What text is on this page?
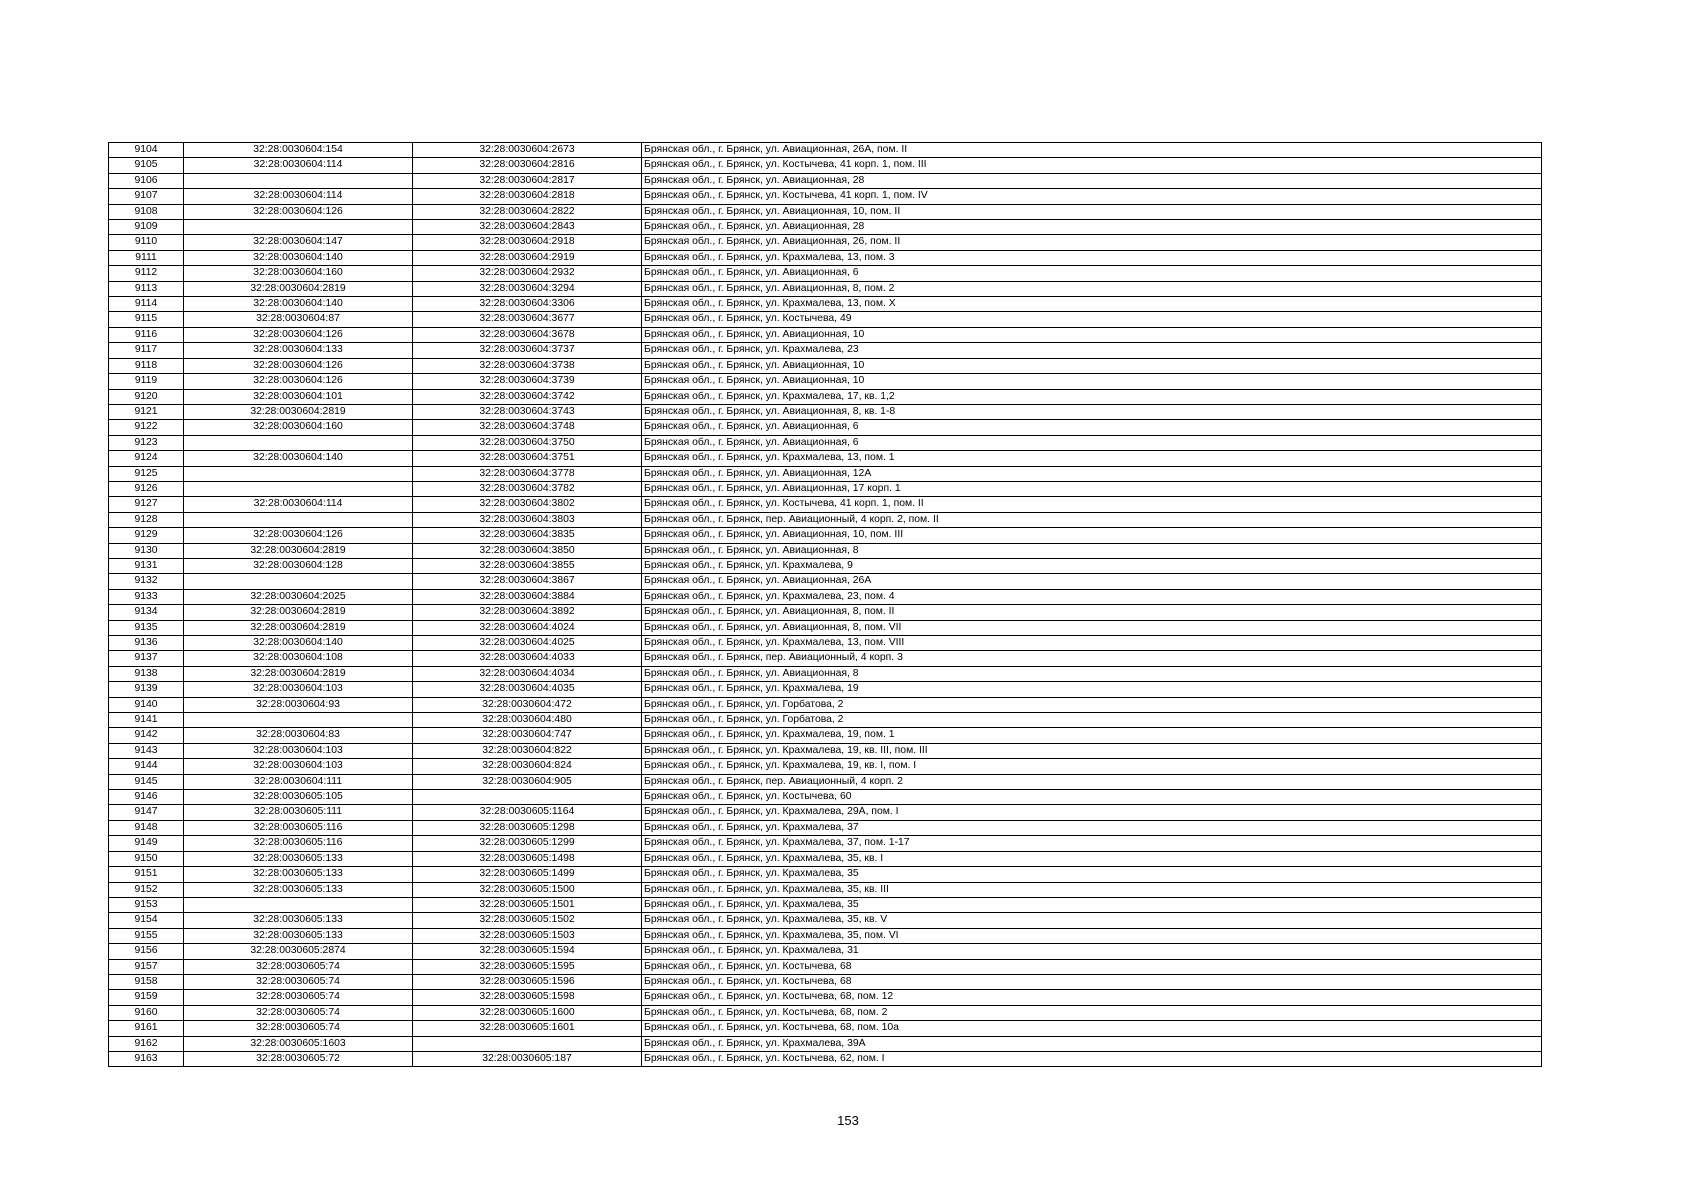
9104	32:28:0030604:154	32:28:0030604:2673	Брянская обл., г. Брянск, ул. Авиационная, 26А, пом. II
9105	32:28:0030604:114	32:28:0030604:2816	Брянская обл., г. Брянск, ул. Костычева, 41 корп. 1, пом. III
9106		32:28:0030604:2817	Брянская обл., г. Брянск, ул. Авиационная, 28
9107	32:28:0030604:114	32:28:0030604:2818	Брянская обл., г. Брянск, ул. Костычева, 41 корп. 1, пом. IV
9108	32:28:0030604:126	32:28:0030604:2822	Брянская обл., г. Брянск, ул. Авиационная, 10, пом. II
9109		32:28:0030604:2843	Брянская обл., г. Брянск, ул. Авиационная, 28
9110	32:28:0030604:147	32:28:0030604:2918	Брянская обл., г. Брянск, ул. Авиационная, 26, пом. II
9111	32:28:0030604:140	32:28:0030604:2919	Брянская обл., г. Брянск, ул. Крахмалева, 13, пом. 3
9112	32:28:0030604:160	32:28:0030604:2932	Брянская обл., г. Брянск, ул. Авиационная, 6
9113	32:28:0030604:2819	32:28:0030604:3294	Брянская обл., г. Брянск, ул. Авиационная, 8, пом. 2
9114	32:28:0030604:140	32:28:0030604:3306	Брянская обл., г. Брянск, ул. Крахмалева, 13, пом. X
9115	32:28:0030604:87	32:28:0030604:3677	Брянская обл., г. Брянск, ул. Костычева, 49
9116	32:28:0030604:126	32:28:0030604:3678	Брянская обл., г. Брянск, ул. Авиационная, 10
9117	32:28:0030604:133	32:28:0030604:3737	Брянская обл., г. Брянск, ул. Крахмалева, 23
9118	32:28:0030604:126	32:28:0030604:3738	Брянская обл., г. Брянск, ул. Авиационная, 10
9119	32:28:0030604:126	32:28:0030604:3739	Брянская обл., г. Брянск, ул. Авиационная, 10
9120	32:28:0030604:101	32:28:0030604:3742	Брянская обл., г. Брянск, ул. Крахмалева, 17, кв. 1,2
9121	32:28:0030604:2819	32:28:0030604:3743	Брянская обл., г. Брянск, ул. Авиационная, 8, кв. 1-8
9122	32:28:0030604:160	32:28:0030604:3748	Брянская обл., г. Брянск, ул. Авиационная, 6
9123		32:28:0030604:3750	Брянская обл., г. Брянск, ул. Авиационная, 6
9124	32:28:0030604:140	32:28:0030604:3751	Брянская обл., г. Брянск, ул. Крахмалева, 13, пом. 1
9125		32:28:0030604:3778	Брянская обл., г. Брянск, ул. Авиационная, 12А
9126		32:28:0030604:3782	Брянская обл., г. Брянск, ул. Авиационная, 17 корп. 1
9127	32:28:0030604:114	32:28:0030604:3802	Брянская обл., г. Брянск, ул. Костычева, 41 корп. 1, пом. II
9128		32:28:0030604:3803	Брянская обл., г. Брянск, пер. Авиационный, 4 корп. 2, пом. II
9129	32:28:0030604:126	32:28:0030604:3835	Брянская обл., г. Брянск, ул. Авиационная, 10, пом. III
9130	32:28:0030604:2819	32:28:0030604:3850	Брянская обл., г. Брянск, ул. Авиационная, 8
9131	32:28:0030604:128	32:28:0030604:3855	Брянская обл., г. Брянск, ул. Крахмалева, 9
9132		32:28:0030604:3867	Брянская обл., г. Брянск, ул. Авиационная, 26А
9133	32:28:0030604:2025	32:28:0030604:3884	Брянская обл., г. Брянск, ул. Крахмалева, 23, пом. 4
9134	32:28:0030604:2819	32:28:0030604:3892	Брянская обл., г. Брянск, ул. Авиационная, 8, пом. II
9135	32:28:0030604:2819	32:28:0030604:4024	Брянская обл., г. Брянск, ул. Авиационная, 8, пом. VII
9136	32:28:0030604:140	32:28:0030604:4025	Брянская обл., г. Брянск, ул. Крахмалева, 13, пом. VIII
9137	32:28:0030604:108	32:28:0030604:4033	Брянская обл., г. Брянск, пер. Авиационный, 4 корп. 3
9138	32:28:0030604:2819	32:28:0030604:4034	Брянская обл., г. Брянск, ул. Авиационная, 8
9139	32:28:0030604:103	32:28:0030604:4035	Брянская обл., г. Брянск, ул. Крахмалева, 19
9140	32:28:0030604:93	32:28:0030604:472	Брянская обл., г. Брянск, ул. Горбатова, 2
9141		32:28:0030604:480	Брянская обл., г. Брянск, ул. Горбатова, 2
9142	32:28:0030604:83	32:28:0030604:747	Брянская обл., г. Брянск, ул. Крахмалева, 19, пом. 1
9143	32:28:0030604:103	32:28:0030604:822	Брянская обл., г. Брянск, ул. Крахмалева, 19, кв. III, пом. III
9144	32:28:0030604:103	32:28:0030604:824	Брянская обл., г. Брянск, ул. Крахмалева, 19, кв. I, пом. I
9145	32:28:0030604:111	32:28:0030604:905	Брянская обл., г. Брянск, пер. Авиационный, 4 корп. 2
9146	32:28:0030605:105		Брянская обл., г. Брянск, ул. Костычева, 60
9147	32:28:0030605:111	32:28:0030605:1164	Брянская обл., г. Брянск, ул. Крахмалева, 29А, пом. I
9148	32:28:0030605:116	32:28:0030605:1298	Брянская обл., г. Брянск, ул. Крахмалева, 37
9149	32:28:0030605:116	32:28:0030605:1299	Брянская обл., г. Брянск, ул. Крахмалева, 37, пом. 1-17
9150	32:28:0030605:133	32:28:0030605:1498	Брянская обл., г. Брянск, ул. Крахмалева, 35, кв. I
9151	32:28:0030605:133	32:28:0030605:1499	Брянская обл., г. Брянск, ул. Крахмалева, 35
9152	32:28:0030605:133	32:28:0030605:1500	Брянская обл., г. Брянск, ул. Крахмалева, 35, кв. III
9153		32:28:0030605:1501	Брянская обл., г. Брянск, ул. Крахмалева, 35
9154	32:28:0030605:133	32:28:0030605:1502	Брянская обл., г. Брянск, ул. Крахмалева, 35, кв. V
9155	32:28:0030605:133	32:28:0030605:1503	Брянская обл., г. Брянск, ул. Крахмалева, 35, пом. VI
9156	32:28:0030605:2874	32:28:0030605:1594	Брянская обл., г. Брянск, ул. Крахмалева, 31
9157	32:28:0030605:74	32:28:0030605:1595	Брянская обл., г. Брянск, ул. Костычева, 68
9158	32:28:0030605:74	32:28:0030605:1596	Брянская обл., г. Брянск, ул. Костычева, 68
9159	32:28:0030605:74	32:28:0030605:1598	Брянская обл., г. Брянск, ул. Костычева, 68, пом. 12
9160	32:28:0030605:74	32:28:0030605:1600	Брянская обл., г. Брянск, ул. Костычева, 68, пом. 2
9161	32:28:0030605:74	32:28:0030605:1601	Брянская обл., г. Брянск, ул. Костычева, 68, пом. 10а
9162	32:28:0030605:1603		Брянская обл., г. Брянск, ул. Крахмалева, 39А
9163	32:28:0030605:72	32:28:0030605:187	Брянская обл., г. Брянск, ул. Костычева, 62, пом. I
153
